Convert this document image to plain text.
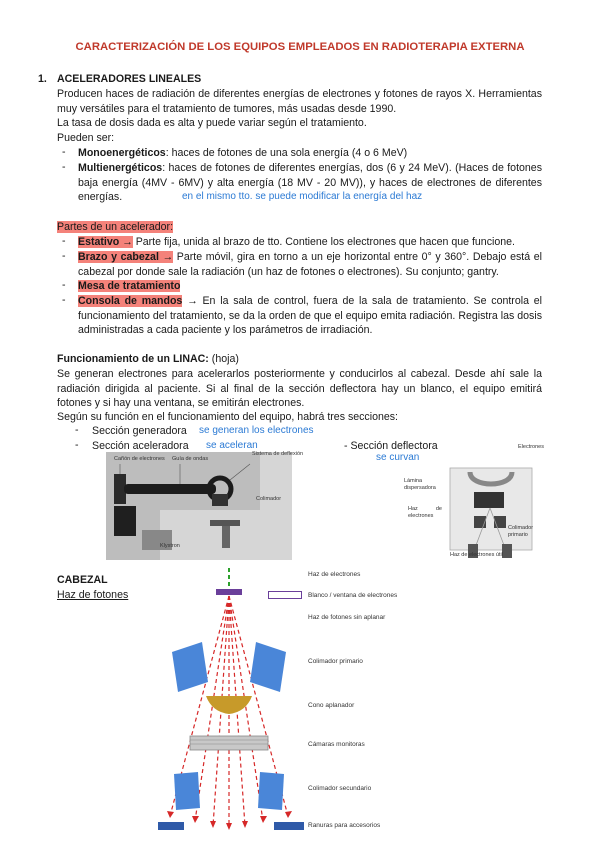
CARACTERIZACIÓN DE LOS EQUIPOS EMPLEADOS EN RADIOTERAPIA EXTERNA
1. ACELERADORES LINEALES
Producen haces de radiación de diferentes energías de electrones y fotones de rayos X. Herramientas muy versátiles para el tratamiento de tumores, más usadas desde 1990.
La tasa de dosis dada es alta y puede variar según el tratamiento.
Pueden ser:
- Monoenergéticos: haces de fotones de una sola energía (4 o 6 MeV)
- Multienergéticos: haces de fotones de diferentes energías, dos (6 y 24 MeV). (Haces de fotones baja energía (4MV - 6MV) y alta energía (18 MV - 20 MV)), y haces de electrones de diferentes energías.	en el mismo tto. se puede modificar la energía del haz
Partes de un acelerador:
- Estativo → Parte fija, unida al brazo de tto. Contiene los electrones que hacen que funcione.
- Brazo y cabezal → Parte móvil, gira en torno a un eje horizontal entre 0° y 360°. Debajo está el cabezal por donde sale la radiación (un haz de fotones o electrones). Su conjunto; gantry.
- Mesa de tratamiento
- Consola de mandos → En la sala de control, fuera de la sala de tratamiento. Se controla el funcionamiento del tratamiento, se da la orden de que el equipo emita radiación. Registra las dosis administradas a cada paciente y los parámetros de irradiación.
Funcionamiento de un LINAC: (hoja)
Se generan electrones para acelerarlos posteriormente y conducirlos al cabezal. Desde ahí sale la radiación dirigida al paciente. Si al final de la sección deflectora hay un blanco, el equipo emitirá fotones y si hay una ventana, se emitirán electrones.
Según su función en el funcionamiento del equipo, habrá tres secciones:
- Sección generadora se generan los electrones
- Sección aceleradora se aceleran	- Sección deflectora
se curvan
Cañón de electrones Guía de ondas
Sistema de deflexión
Colimador
Klystron
Electrones
Lámina dispersadora
Haz de electrones
Colimador primario
Haz de electrones útil
CABEZAL
Haz de fotones
Haz de electrones
Blanco / ventana de electrones
Haz de fotones sin aplanar
Colimador primario
Cono aplanador
Cámaras monitoras
Colimador secundario
Ranuras para accesorios
